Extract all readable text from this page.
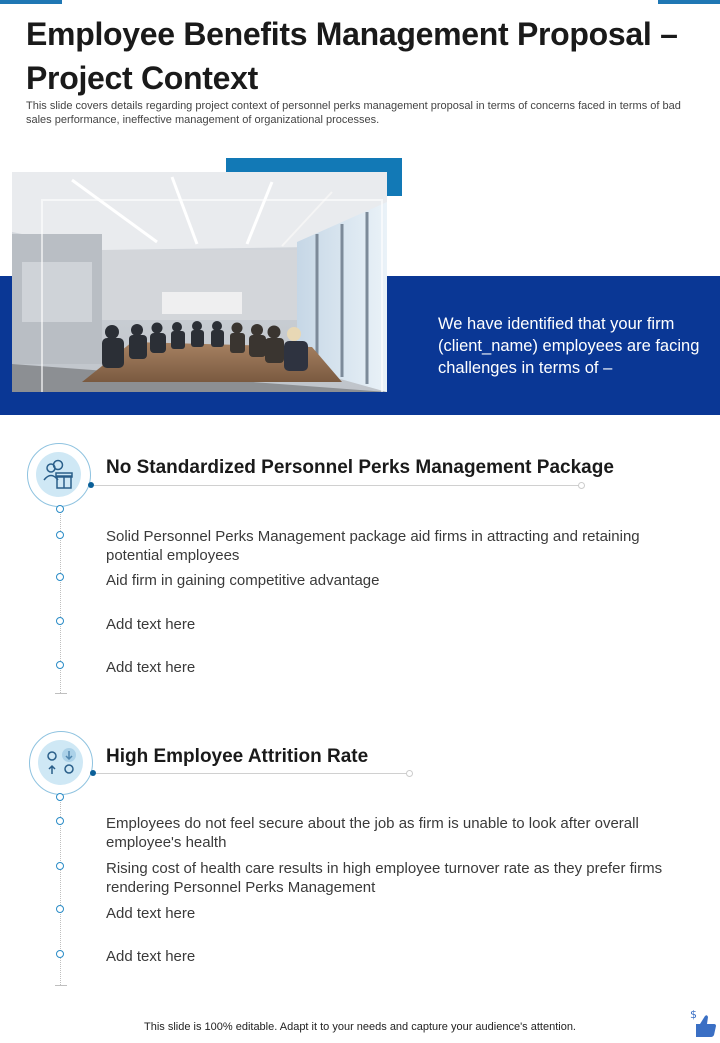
Employee Benefits Management Proposal – Project Context
This slide covers details regarding project context of personnel perks management proposal in terms of concerns faced in terms of bad sales performance, ineffective management of organizational processes.
We have identified that your firm (client_name) employees are facing challenges in terms of –
No Standardized Personnel Perks Management Package
Solid Personnel Perks Management package aid firms in attracting and retaining potential employees
Aid firm in gaining competitive advantage
Add text here
Add text here
High Employee Attrition Rate
Employees do not feel secure about the job as firm is unable to look after overall employee's health
Rising cost of health care results in high employee turnover rate as they prefer firms rendering Personnel Perks Management
Add text here
Add text here
This slide is 100% editable. Adapt it to your needs and capture your audience's attention.
$
